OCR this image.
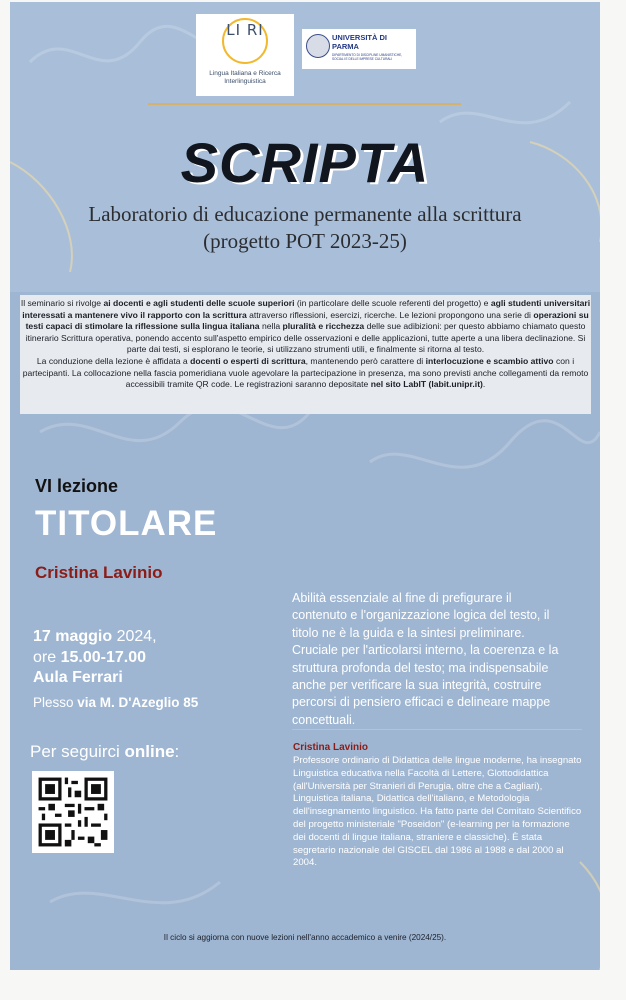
LI RI
Lingua Italiana e Ricerca Interlinguistica
UNIVERSITÀ DI PARMA
DIPARTIMENTO DI DISCIPLINE UMANISTICHE, SOCIALI E DELLE IMPRESE CULTURALI
SCRIPTA
Laboratorio di educazione permanente alla scrittura
(progetto POT 2023-25)

Il seminario si rivolge ai docenti e agli studenti delle scuole superiori (in particolare delle scuole referenti del progetto) e agli studenti universitari interessati a mantenere vivo il rapporto con la scrittura attraverso riflessioni, esercizi, ricerche. Le lezioni propongono una serie di operazioni su testi capaci di stimolare la riflessione sulla lingua italiana nella pluralità e ricchezza delle sue adibizioni: per questo abbiamo chiamato questo itinerario Scrittura operativa, ponendo accento sull'aspetto empirico delle osservazioni e delle applicazioni, tutte aperte a una libera declinazione. Si parte dai testi, si esplorano le teorie, si utilizzano strumenti utili, e finalmente si ritorna al testo.

La conduzione della lezione è affidata a docenti o esperti di scrittura, mantenendo però carattere di interlocuzione e scambio attivo con i partecipanti. La collocazione nella fascia pomeridiana vuole agevolare la partecipazione in presenza, ma sono previsti anche collegamenti da remoto accessibili tramite QR code. Le registrazioni saranno depositate nel sito LabIT (labit.unipr.it).

VI lezione
TITOLARE
Cristina Lavinio
Abilità essenziale al fine di prefigurare il contenuto e l'organizzazione logica del testo, il titolo ne è la guida e la sintesi preliminare. Cruciale per l'articolarsi interno, la coerenza e la struttura profonda del testo; ma indispensabile anche per verificare la sua integrità, costruire percorsi di pensiero efficaci e delineare mappe concettuali.
17 maggio 2024,
ore 15.00-17.00
Aula Ferrari
Plesso via M. D'Azeglio 85
Per seguirci online:	Cristina Lavinio
Professore ordinario di Didattica delle lingue moderne, ha insegnato Linguistica educativa nella Facoltà di Lettere, Glottodidattica (all'Università per Stranieri di Perugia, oltre che a Cagliari), Linguistica italiana, Didattica dell'italiano, e Metodologia dell'insegnamento linguistico. Ha fatto parte del Comitato Scientifico del progetto ministeriale "Poseidon" (e-learning per la formazione dei docenti di lingue italiana, straniere e classiche). È stata segretario nazionale del GISCEL dal 1986 al 1988 e dal 2000 al 2004.
Il ciclo si aggiorna con nuove lezioni nell'anno accademico a venire (2024/25).
